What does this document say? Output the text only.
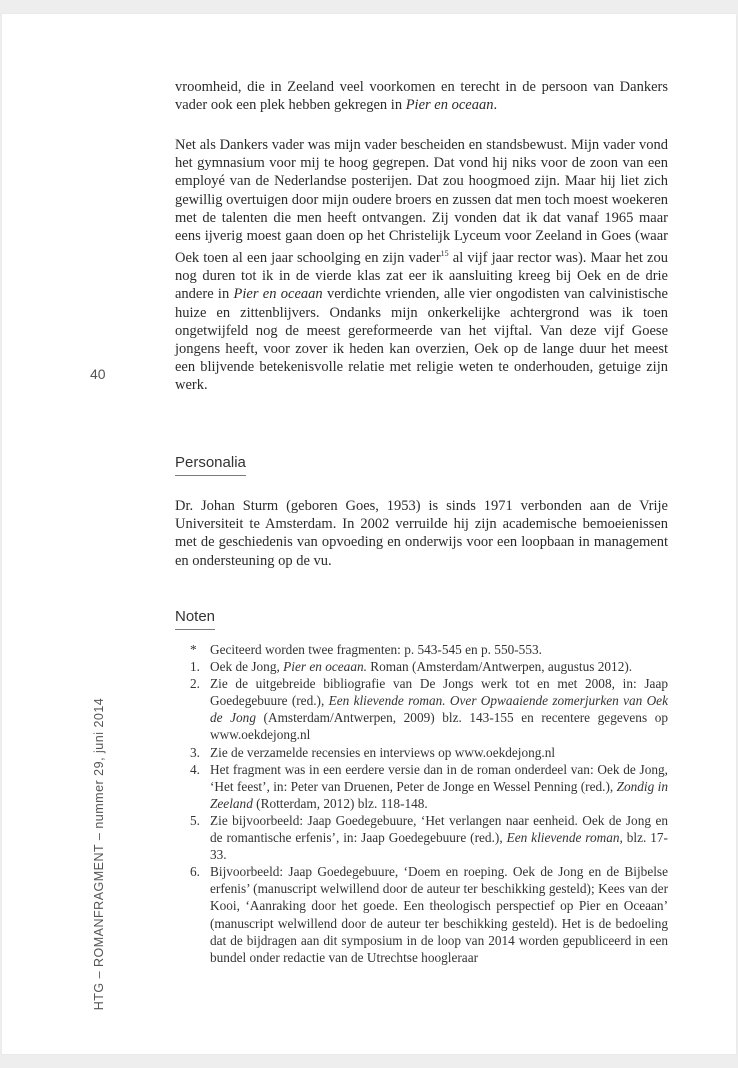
vroomheid, die in Zeeland veel voorkomen en terecht in de persoon van Dankers vader ook een plek hebben gekregen in Pier en oceaan.

Net als Dankers vader was mijn vader bescheiden en standsbewust. Mijn vader vond het gymnasium voor mij te hoog gegrepen. Dat vond hij niks voor de zoon van een employé van de Nederlandse posterijen. Dat zou hoogmoed zijn. Maar hij liet zich gewillig overtuigen door mijn oudere broers en zussen dat men toch moest woekeren met de talenten die men heeft ontvangen. Zij vonden dat ik dat vanaf 1965 maar eens ijverig moest gaan doen op het Christelijk Lyceum voor Zeeland in Goes (waar Oek toen al een jaar schoolging en zijn vader$^{15}$ al vijf jaar rector was). Maar het zou nog duren tot ik in de vierde klas zat eer ik aansluiting kreeg bij Oek en de drie andere in Pier en oceaan verdichte vrienden, alle vier ongodisten van calvinistische huize en zittenblijvers. Ondanks mijn onkerkelijke achtergrond was ik toen ongetwijfeld nog de meest gereformeerde van het vijftal. Van deze vijf Goese jongens heeft, voor zover ik heden kan overzien, Oek op de lange duur het meest een blijvende betekenisvolle relatie met religie weten te onderhouden, getuige zijn werk.

Personalia

Dr. Johan Sturm (geboren Goes, 1953) is sinds 1971 verbonden aan de Vrije Universiteit te Amsterdam. In 2002 verruilde hij zijn academische bemoeienissen met de geschiedenis van opvoeding en onderwijs voor een loopbaan in management en ondersteuning op de vu.

Noten
* Geciteerd worden twee fragmenten: p. 543-545 en p. 550-553.
1. Oek de Jong, Pier en oceaan. Roman (Amsterdam/Antwerpen, augustus 2012).
2. Zie de uitgebreide bibliografie van De Jongs werk tot en met 2008, in: Jaap Goedegebuure (red.), Een klievende roman. Over Opwaaiende zomerjurken van Oek de Jong (Amsterdam/Antwerpen, 2009) blz. 143-155 en recentere gegevens op www.oekdejong.nl
3. Zie de verzamelde recensies en interviews op www.oekdejong.nl
4. Het fragment was in een eerdere versie dan in de roman onderdeel van: Oek de Jong, ‘Het feest’, in: Peter van Druenen, Peter de Jonge en Wessel Penning (red.), Zondig in Zeeland (Rotterdam, 2012) blz. 118-148.
5. Zie bijvoorbeeld: Jaap Goedegebuure, ‘Het verlangen naar eenheid. Oek de Jong en de romantische erfenis’, in: Jaap Goedegebuure (red.), Een klievende roman, blz. 17-33.
6. Bijvoorbeeld: Jaap Goedegebuure, ‘Doem en roeping. Oek de Jong en de Bijbelse erfenis’ (manuscript welwillend door de auteur ter beschikking gesteld); Kees van der Kooi, ‘Aanraking door het goede. Een theologisch perspectief op Pier en Oceaan’ (manuscript welwillend door de auteur ter beschikking gesteld). Het is de bedoeling dat de bijdragen aan dit symposium in de loop van 2014 worden gepubliceerd in een bundel onder redactie van de Utrechtse hoogleraar
40
HTG – ROMANFRAGMENT – nummer 29, juni 2014
